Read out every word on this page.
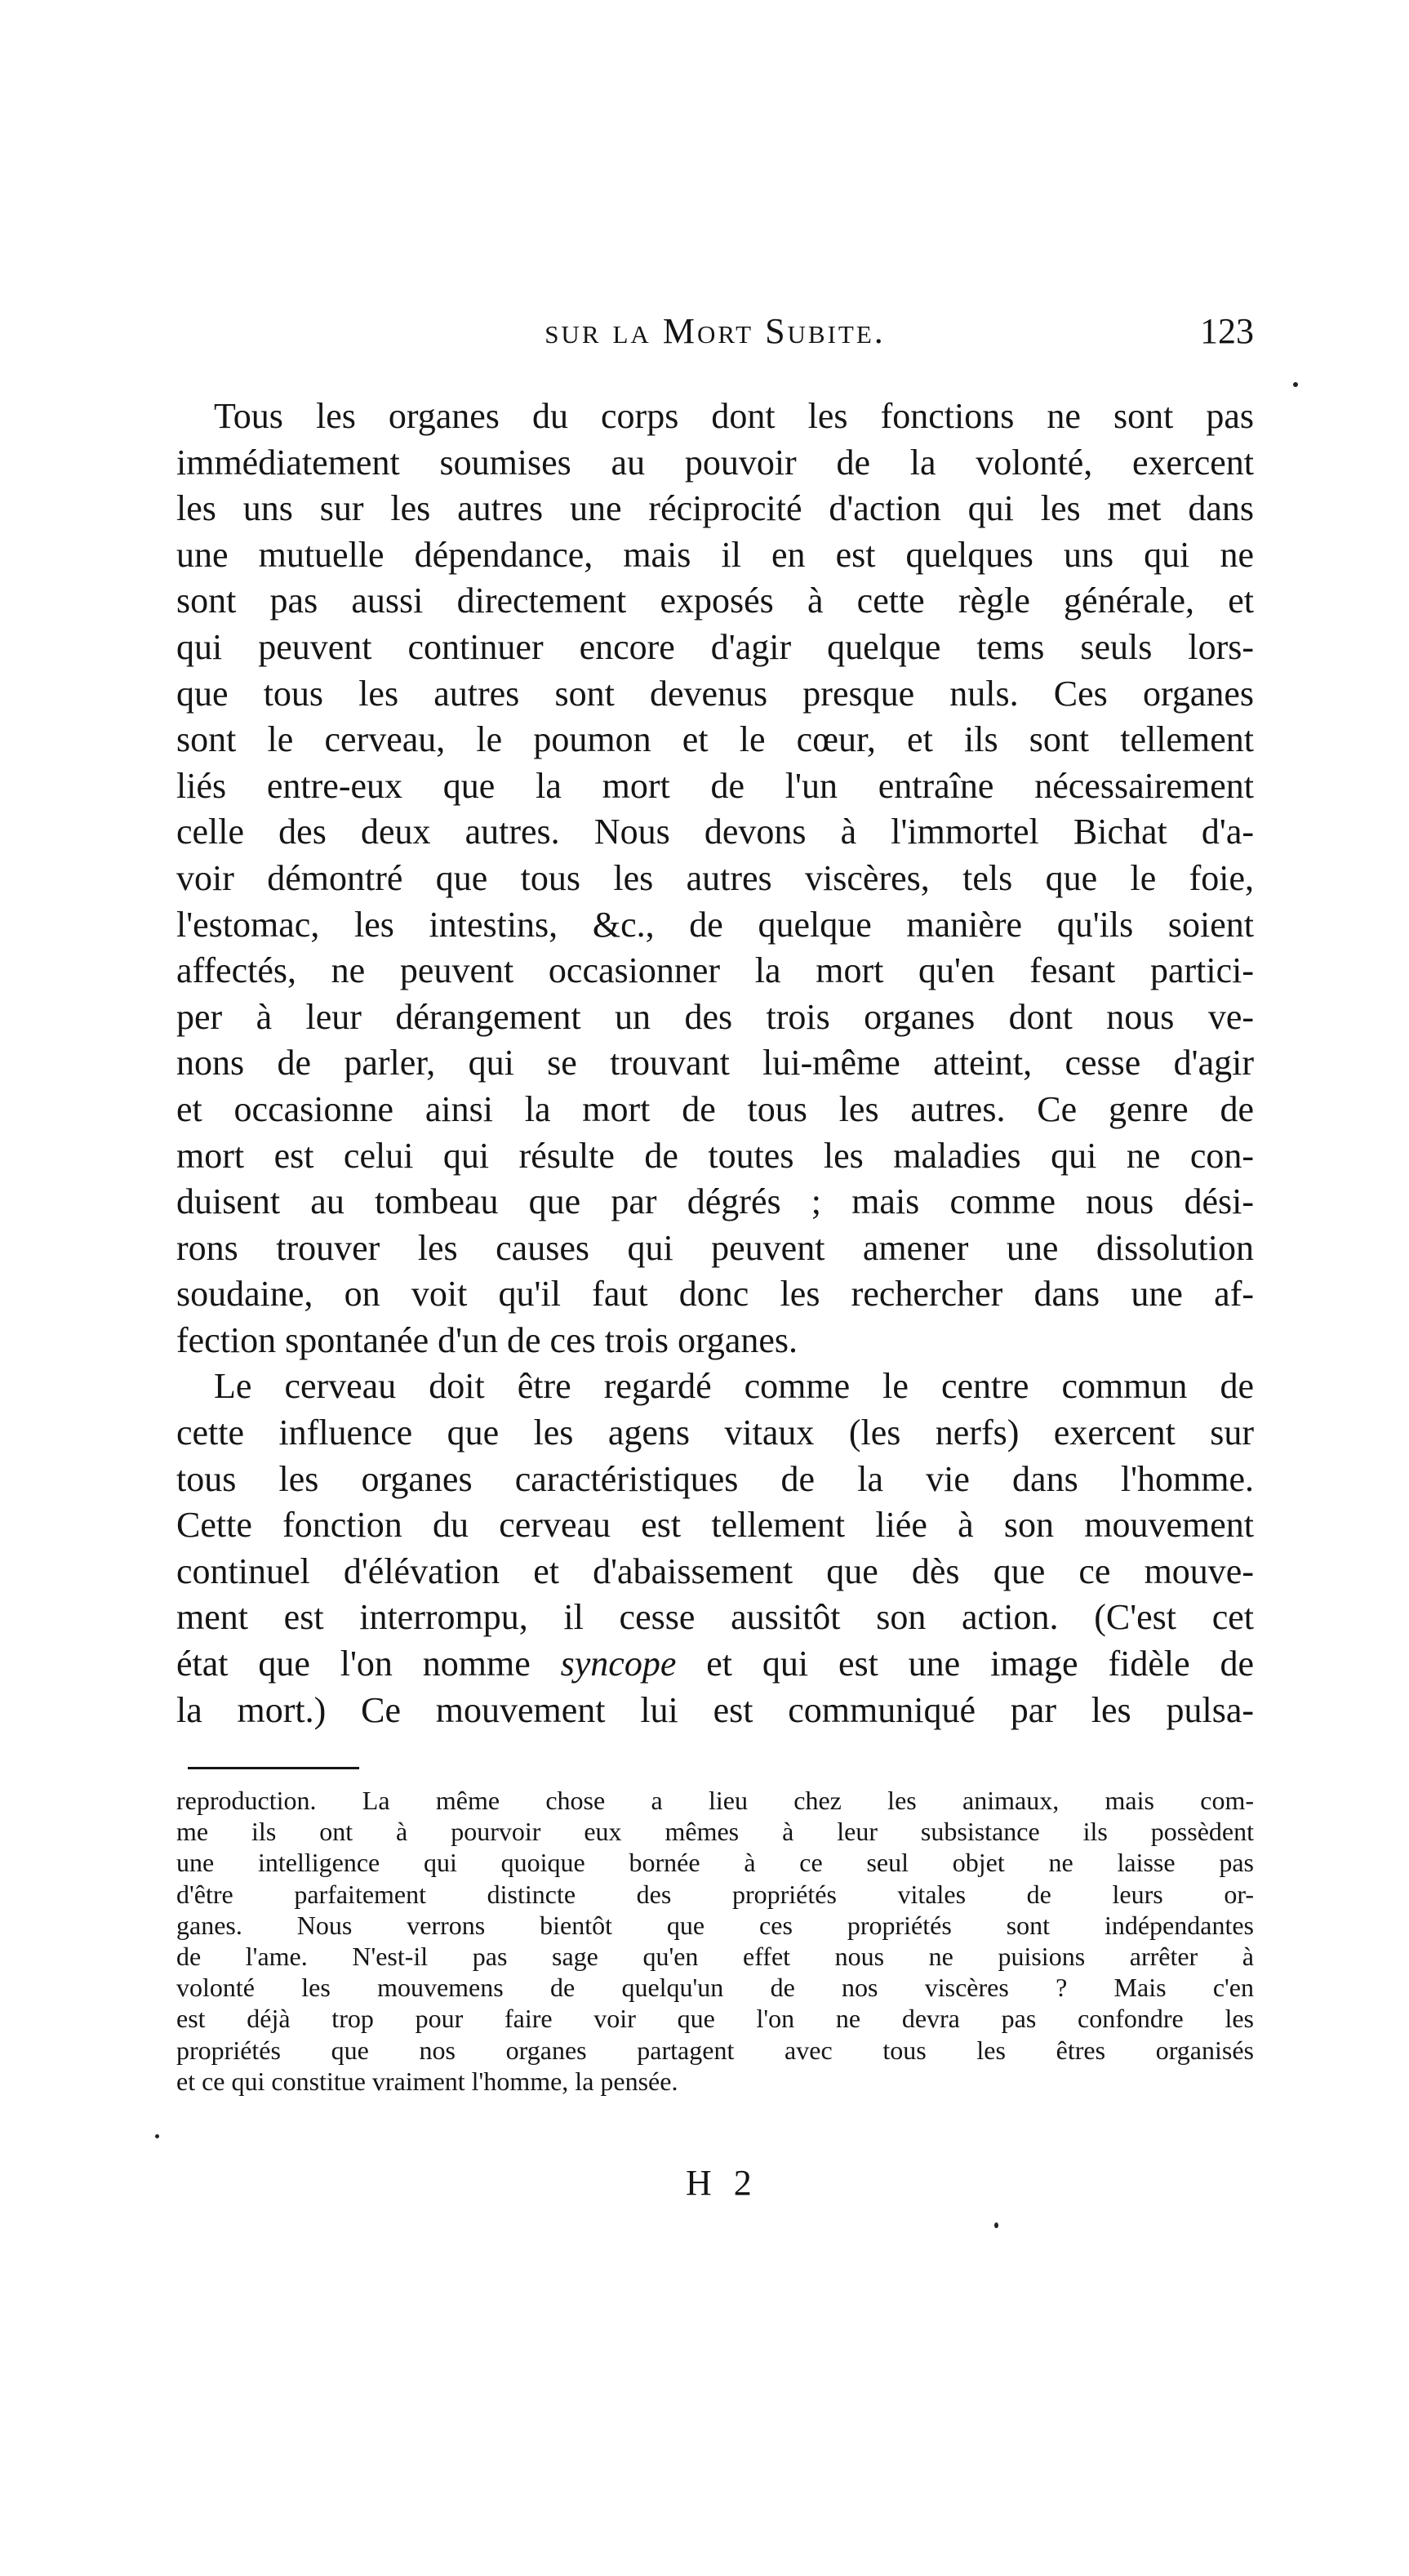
sur la Mort Subite.	123
Tous les organes du corps dont les fonctions ne sont pas
immédiatement soumises au pouvoir de la volonté, exercent
les uns sur les autres une réciprocité d'action qui les met dans
une mutuelle dépendance, mais il en est quelques uns qui ne
sont pas aussi directement exposés à cette règle générale, et
qui peuvent continuer encore d'agir quelque tems seuls lors-
que tous les autres sont devenus presque nuls. Ces organes
sont le cerveau, le poumon et le cœur, et ils sont tellement
liés entre-eux que la mort de l'un entraîne nécessairement
celle des deux autres. Nous devons à l'immortel Bichat d'a-
voir démontré que tous les autres viscères, tels que le foie,
l'estomac, les intestins, &c., de quelque manière qu'ils soient
affectés, ne peuvent occasionner la mort qu'en fesant partici-
per à leur dérangement un des trois organes dont nous ve-
nons de parler, qui se trouvant lui-même atteint, cesse d'agir
et occasionne ainsi la mort de tous les autres. Ce genre de
mort est celui qui résulte de toutes les maladies qui ne con-
duisent au tombeau que par dégrés ; mais comme nous dési-
rons trouver les causes qui peuvent amener une dissolution
soudaine, on voit qu'il faut donc les rechercher dans une af-
fection spontanée d'un de ces trois organes.
Le cerveau doit être regardé comme le centre commun de
cette influence que les agens vitaux (les nerfs) exercent sur
tous les organes caractéristiques de la vie dans l'homme.
Cette fonction du cerveau est tellement liée à son mouvement
continuel d'élévation et d'abaissement que dès que ce mouve-
ment est interrompu, il cesse aussitôt son action. (C'est cet
état que l'on nomme syncope et qui est une image fidèle de
la mort.) Ce mouvement lui est communiqué par les pulsa-
reproduction. La même chose a lieu chez les animaux, mais com-
me ils ont à pourvoir eux mêmes à leur subsistance ils possèdent
une intelligence qui quoique bornée à ce seul objet ne laisse pas
d'être parfaitement distincte des propriétés vitales de leurs or-
ganes. Nous verrons bientôt que ces propriétés sont indépendantes
de l'ame. N'est-il pas sage qu'en effet nous ne puisions arrêter à
volonté les mouvemens de quelqu'un de nos viscères ? Mais c'en
est déjà trop pour faire voir que l'on ne devra pas confondre les
propriétés que nos organes partagent avec tous les êtres organisés
et ce qui constitue vraiment l'homme, la pensée.
H 2
